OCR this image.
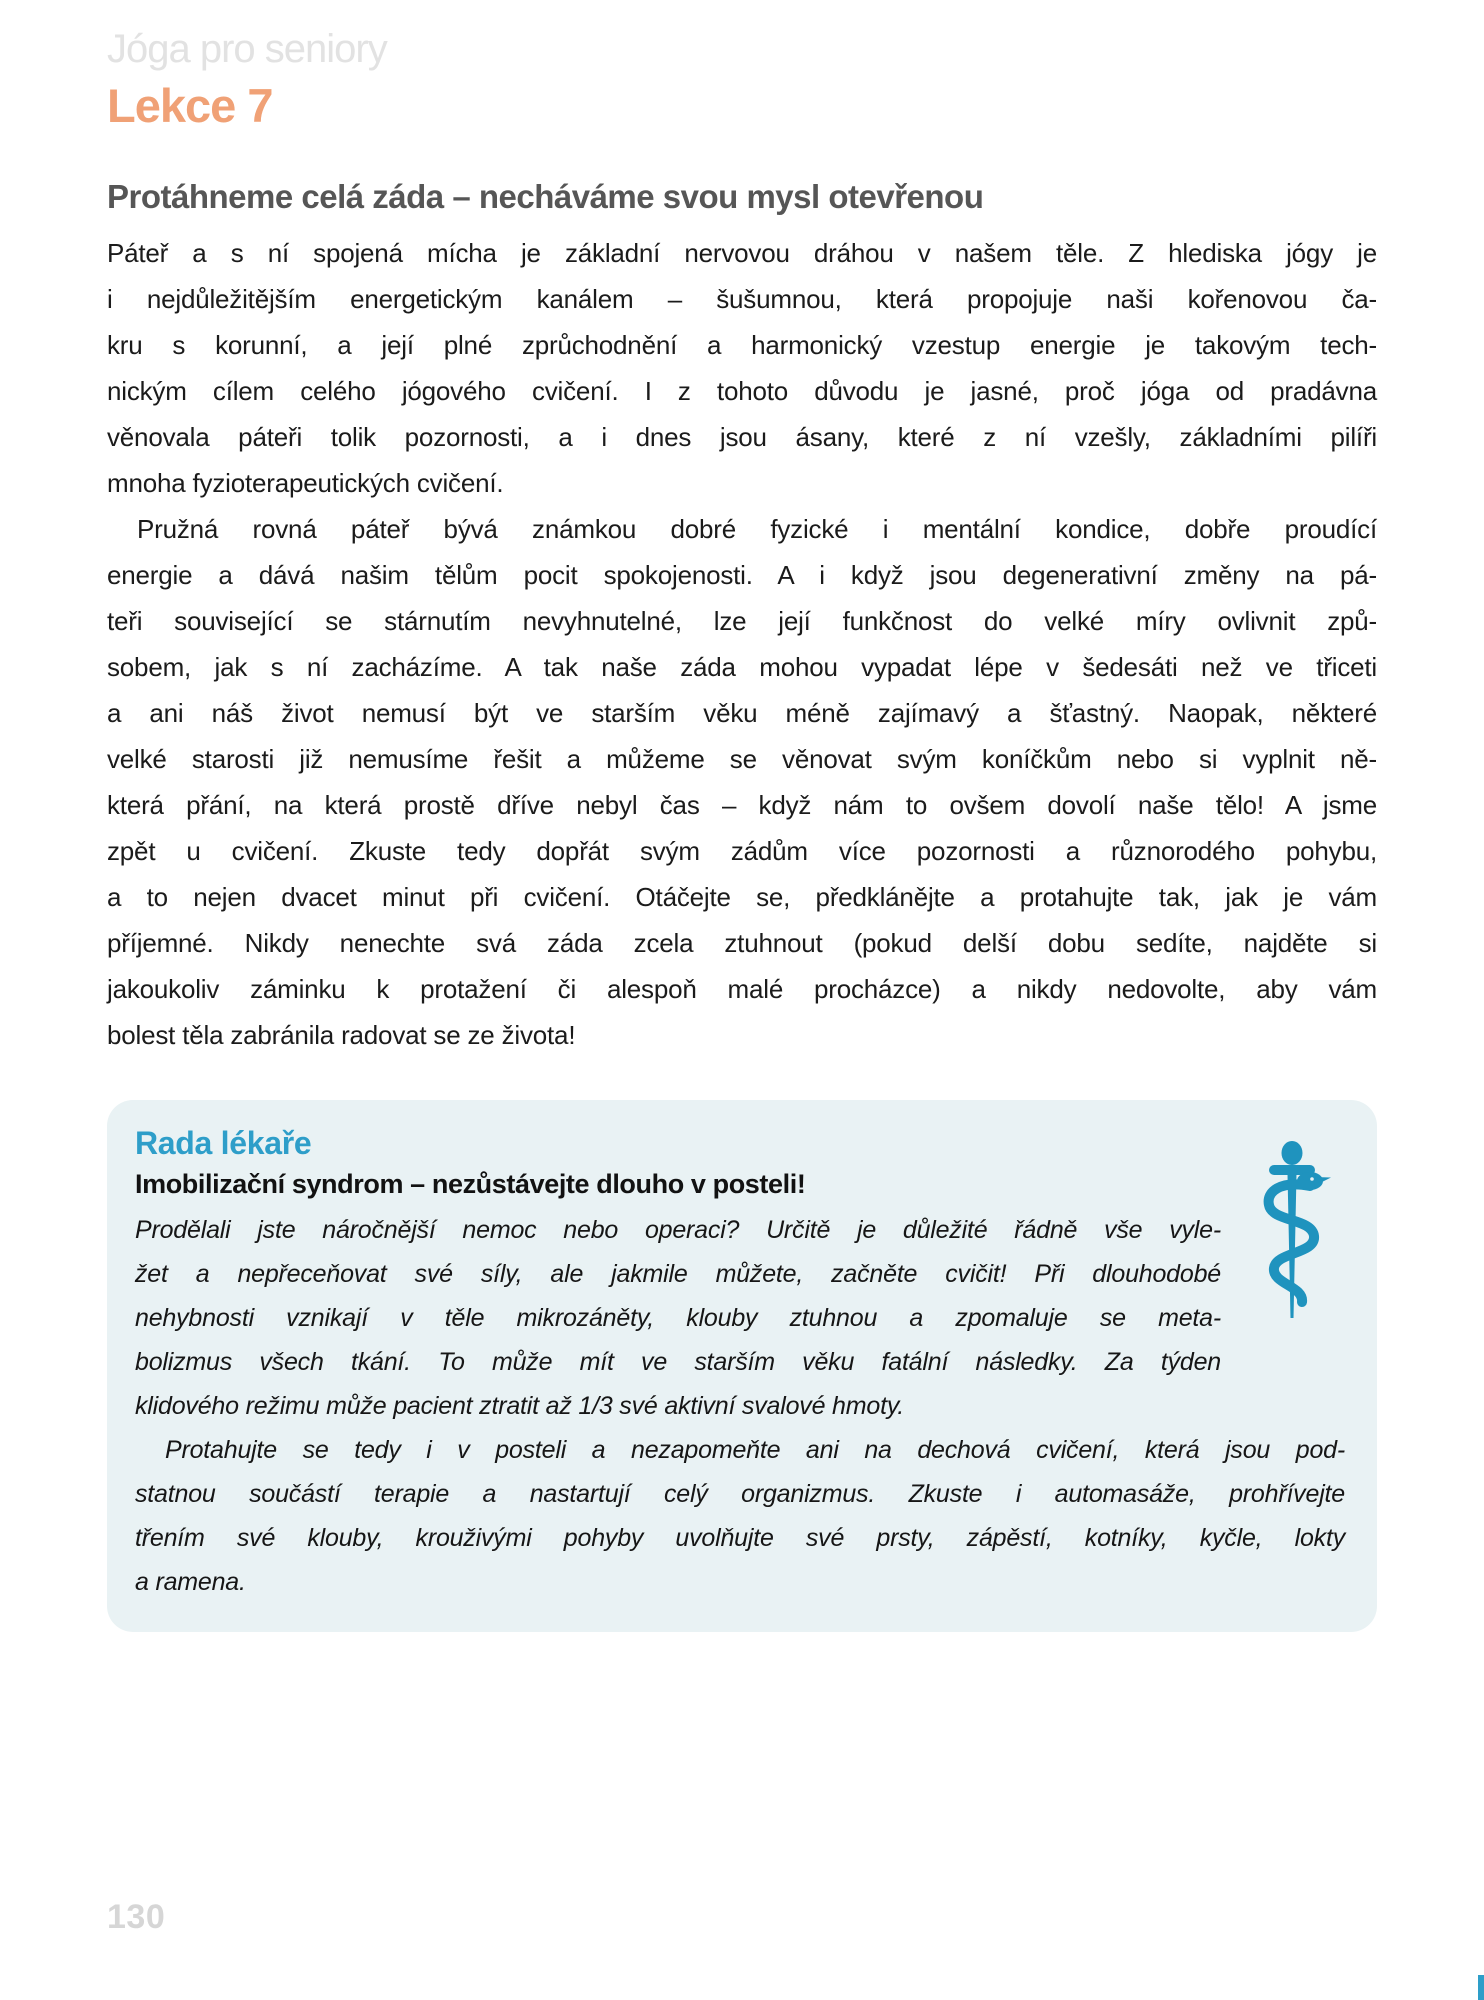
Jóga pro seniory
Lekce 7
Protáhneme celá záda – necháváme svou mysl otevřenou
Páteř a s ní spojená mícha je základní nervovou dráhou v našem těle. Z hlediska jógy je
i nejdůležitějším energetickým kanálem – šušumnou, která propojuje naši kořenovou ča-
kru s korunní, a její plné zprůchodnění a harmonický vzestup energie je takovým tech-
nickým cílem celého jógového cvičení. I z tohoto důvodu je jasné, proč jóga od pradávna
věnovala páteři tolik pozornosti, a i dnes jsou ásany, které z ní vzešly, základními pilíři
mnoha fyzioterapeutických cvičení.
Pružná rovná páteř bývá známkou dobré fyzické i mentální kondice, dobře proudící
energie a dává našim tělům pocit spokojenosti. A i když jsou degenerativní změny na pá-
teři související se stárnutím nevyhnutelné, lze její funkčnost do velké míry ovlivnit způ-
sobem, jak s ní zacházíme. A tak naše záda mohou vypadat lépe v šedesáti než ve třiceti
a ani náš život nemusí být ve starším věku méně zajímavý a šťastný. Naopak, některé
velké starosti již nemusíme řešit a můžeme se věnovat svým koníčkům nebo si vyplnit ně-
která přání, na která prostě dříve nebyl čas – když nám to ovšem dovolí naše tělo! A jsme
zpět u cvičení. Zkuste tedy dopřát svým zádům více pozornosti a různorodého pohybu,
a to nejen dvacet minut při cvičení. Otáčejte se, předklánějte a protahujte tak, jak je vám
příjemné. Nikdy nenechte svá záda zcela ztuhnout (pokud delší dobu sedíte, najděte si
jakoukoliv záminku k protažení či alespoň malé procházce) a nikdy nedovolte, aby vám
bolest těla zabránila radovat se ze života!
Rada lékaře
Imobilizační syndrom – nezůstávejte dlouho v posteli!
Prodělali jste náročnější nemoc nebo operaci? Určitě je důležité řádně vše vyle-
žet a nepřeceňovat své síly, ale jakmile můžete, začněte cvičit! Při dlouhodobé
nehybnosti vznikají v těle mikrozáněty, klouby ztuhnou a zpomaluje se meta-
bolizmus všech tkání. To může mít ve starším věku fatální následky. Za týden
klidového režimu může pacient ztratit až 1/3 své aktivní svalové hmoty.
Protahujte se tedy i v posteli a nezapomeňte ani na dechová cvičení, která jsou pod-
statnou součástí terapie a nastartují celý organizmus. Zkuste i automasáže, prohřívejte
třením své klouby, krouživými pohyby uvolňujte své prsty, zápěstí, kotníky, kyčle, lokty
a ramena.
130
